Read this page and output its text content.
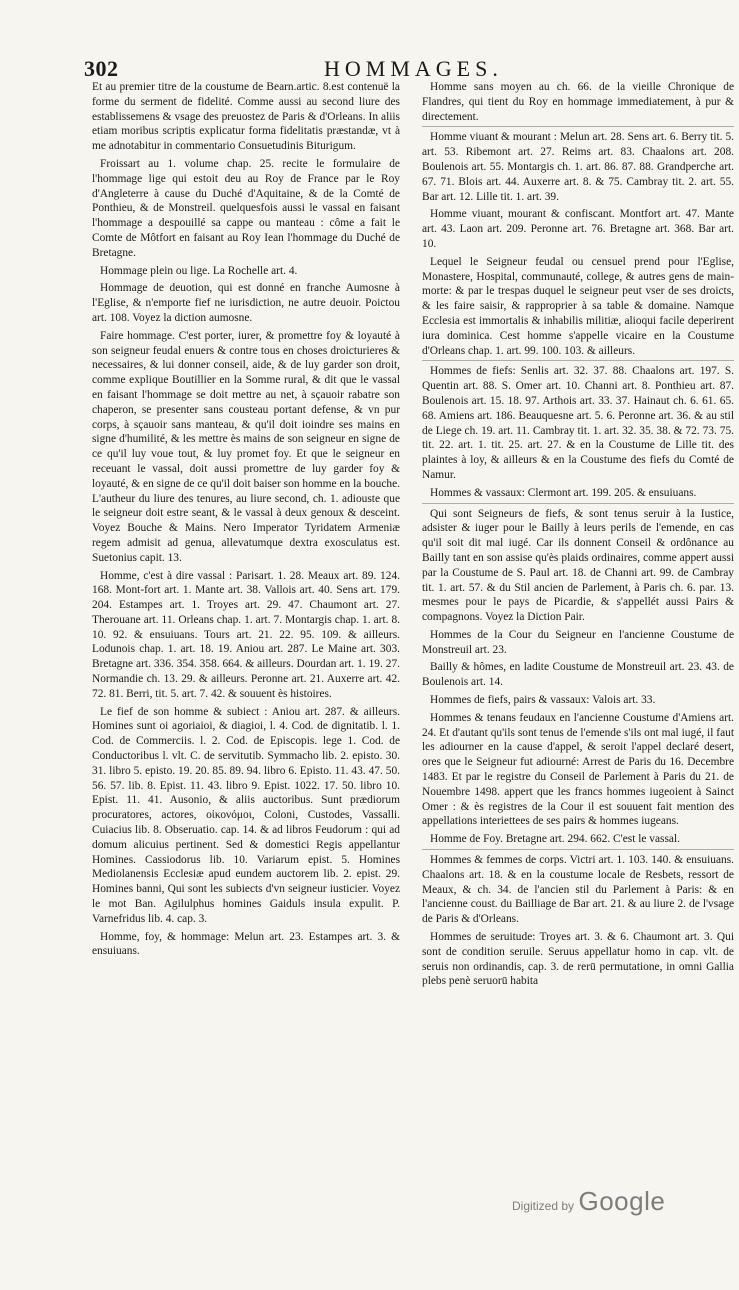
302	HOMMAGES.

Et au premier titre de la coustume de Bearn.artic. 8.est contenuë la forme du serment de fidelité. Comme aussi au second liure des establissemens & vsage des preuostez de Paris & d'Orleans. In aliis etiam moribus scriptis explicatur forma fidelitatis præstandæ, vt à me adnotabitur in commentario Consuetudinis Biturigum.

Froissart au 1. volume chap. 25. recite le formulaire de l'hommage lige qui estoit deu au Roy de France par le Roy d'Angleterre à cause du Duché d'Aquitaine, & de la Comté de Ponthieu, & de Monstreil. quelquesfois aussi le vassal en faisant l'hommage a despouillé sa cappe ou manteau : côme a fait le Comte de Môtfort en faisant au Roy Iean l'hommage du Duché de Bretagne.

Hommage plein ou lige. La Rochelle art. 4.

Hommage de deuotion, qui est donné en franche Aumosne à l'Eglise, & n'emporte fief ne iurisdiction, ne autre deuoir. Poictou art. 108. Voyez la diction aumosne.

Faire hommage. C'est porter, iurer, & promettre foy & loyauté à son seigneur feudal enuers & contre tous en choses droicturieres & necessaires, & lui donner conseil, aide, & de luy garder son droit, comme explique Boutillier en la Somme rural, & dit que le vassal en faisant l'hommage se doit mettre au net, à sçauoir rabatre son chaperon, se presenter sans cousteau portant defense, & vn pur corps, à sçauoir sans manteau, & qu'il doit ioindre ses mains en signe d'humilité, & les mettre ès mains de son seigneur en signe de ce qu'il luy voue tout, & luy promet foy. Et que le seigneur en receuant le vassal, doit aussi promettre de luy garder foy & loyauté, & en signe de ce qu'il doit baiser son homme en la bouche. L'autheur du liure des tenures, au liure second, ch. 1. adiouste que le seigneur doit estre seant, & le vassal à deux genoux & desceint. Voyez Bouche & Mains. Nero Imperator Tyridatem Armeniæ regem admisit ad genua, allevatumque dextra exosculatus est. Suetonius capit. 13.

Homme, c'est à dire vassal : Parisart. 1. 28. Meaux art. 89. 124. 168. Mont-fort art. 1. Mante art. 38. Vallois art. 40. Sens art. 179. 204. Estampes art. 1. Troyes art. 29. 47. Chaumont art. 27. Therouane art. 11. Orleans chap. 1. art. 7. Montargis chap. 1. art. 8. 10. 92. & ensuiuans. Tours art. 21. 22. 95. 109. & ailleurs. Lodunois chap. 1. art. 18. 19. Aniou art. 287. Le Maine art. 303. Bretagne art. 336. 354. 358. 664. & ailleurs. Dourdan art. 1. 19. 27. Normandie ch. 13. 29. & ailleurs. Peronne art. 21. Auxerre art. 42. 72. 81. Berri, tit. 5. art. 7. 42. & souuent ès histoires.

Le fief de son homme & subiect : Aniou art. 287. & ailleurs. Homines sunt oi agoriaioi, & diagioi, l. 4. Cod. de dignitatib. l. 1. Cod. de Commerciis. l. 2. Cod. de Episcopis. lege 1. Cod. de Conductoribus l. vlt. C. de servitutib. Symmacho lib. 2. episto. 30. 31. libro 5. episto. 19. 20. 85. 89. 94. libro 6. Episto. 11. 43. 47. 50. 56. 57. lib. 8. Epist. 11. 43. libro 9. Epist. 1022. 17. 50. libro 10. Epist. 11. 41. Ausonio, & aliis auctoribus. Sunt prædiorum procuratores, actores, οἰκονόμοι, Coloni, Custodes, Vassalli. Cuiacius lib. 8. Obseruatio. cap. 14. & ad libros Feudorum : qui ad domum alicuius pertinent. Sed & domestici Regis appellantur Homines. Cassiodorus lib. 10. Variarum epist. 5. Homines Mediolanensis Ecclesiæ apud eundem auctorem lib. 2. epist. 29. Homines banni, Qui sont les subiects d'vn seigneur iusticier. Voyez le mot Ban. Agilulphus homines Gaiduls insula expulit. P. Varnefridus lib. 4. cap. 3.

Homme, foy, & hommage: Melun art. 23. Estampes art. 3. & ensuiuans.

Homme sans moyen au ch. 66. de la vieille Chronique de Flandres, qui tient du Roy en hommage immediatement, à pur & directement.

Homme viuant & mourant : Melun art. 28. Sens art. 6. Berry tit. 5. art. 53. Ribemont art. 27. Reims art. 83. Chaalons art. 208. Boulenois art. 55. Montargis ch. 1. art. 86. 87. 88. Grandperche art. 67. 71. Blois art. 44. Auxerre art. 8. & 75. Cambray tit. 2. art. 55. Bar art. 12. Lille tit. 1. art. 39.

Homme viuant, mourant & confiscant. Montfort art. 47. Mante art. 43. Laon art. 209. Peronne art. 76. Bretagne art. 368. Bar art. 10.

Lequel le Seigneur feudal ou censuel prend pour l'Eglise, Monastere, Hospital, communauté, college, & autres gens de main-morte: & par le trespas duquel le seigneur peut vser de ses droicts, & les faire saisir, & rapproprier à sa table & domaine. Namque Ecclesia est immortalis & inhabilis militiæ, alioqui facile deperirent iura dominica. Cest homme s'appelle vicaire en la Coustume d'Orleans chap. 1. art. 99. 100. 103. & ailleurs.

Hommes de fiefs: Senlis art. 32. 37. 88. Chaalons art. 197. S. Quentin art. 88. S. Omer art. 10. Channi art. 8. Ponthieu art. 87. Boulenois art. 15. 18. 97. Arthois art. 33. 37. Hainaut ch. 6. 61. 65. 68. Amiens art. 186. Beauquesne art. 5. 6. Peronne art. 36. & au stil de Liege ch. 19. art. 11. Cambray tit. 1. art. 32. 35. 38. & 72. 73. 75. tit. 22. art. 1. tit. 25. art. 27. & en la Coustume de Lille tit. des plaintes à loy, & ailleurs & en la Coustume des fiefs du Comté de Namur.

Hommes & vassaux: Clermont art. 199. 205. & ensuiuans.

Qui sont Seigneurs de fiefs, & sont tenus seruir à la Iustice, adsister & iuger pour le Bailly à leurs perils de l'emende, en cas qu'il soit dit mal iugé. Car ils donnent Conseil & ordônance au Bailly tant en son assise qu'ès plaids ordinaires, comme appert aussi par la Coustume de S. Paul art. 18. de Channi art. 99. de Cambray tit. 1. art. 57. & du Stil ancien de Parlement, à Paris ch. 6. par. 13. mesmes pour le pays de Picardie, & s'appellét aussi Pairs & compagnons. Voyez la Diction Pair.

Hommes de la Cour du Seigneur en l'ancienne Coustume de Monstreuil art. 23.

Bailly & hômes, en ladite Coustume de Monstreuil art. 23. 43. de Boulenois art. 14.

Hommes de fiefs, pairs & vassaux: Valois art. 33.

Hommes & tenans feudaux en l'ancienne Coustume d'Amiens art. 24. Et d'autant qu'ils sont tenus de l'emende s'ils ont mal iugé, il faut les adiourner en la cause d'appel, & seroit l'appel declaré desert, ores que le Seigneur fut adiourné: Arrest de Paris du 16. Decembre 1483. Et par le registre du Conseil de Parlement à Paris du 21. de Nouembre 1498. appert que les francs hommes iugeoient à Sainct Omer : & ès registres de la Cour il est souuent fait mention des appellations interiettees de ses pairs & hommes iugeans.

Homme de Foy. Bretagne art. 294. 662. C'est le vassal.

Hommes & femmes de corps. Victri art. 1. 103. 140. & ensuiuans. Chaalons art. 18. & en la coustume locale de Resbets, ressort de Meaux, & ch. 34. de l'ancien stil du Parlement à Paris: & en l'ancienne coust. du Bailliage de Bar art. 21. & au liure 2. de l'vsage de Paris & d'Orleans.

Hommes de seruitude: Troyes art. 3. & 6. Chaumont art. 3. Qui sont de condition seruile. Seruus appellatur homo in cap. vlt. de seruis non ordinandis, cap. 3. de rerū permutatione, in omni Gallia plebs penè seruorū habita

Digitized by Google
